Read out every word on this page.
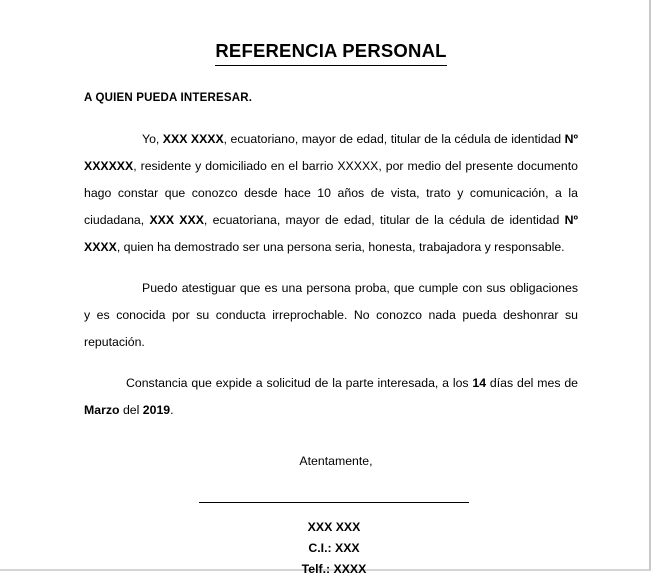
REFERENCIA PERSONAL
A QUIEN PUEDA INTERESAR.

Yo, XXX XXXX, ecuatoriano, mayor de edad, titular de la cédula de identidad Nº XXXXXX, residente y domiciliado en el barrio XXXXX, por medio del presente documento hago constar que conozco desde hace 10 años de vista, trato y comunicación, a la ciudadana, XXX XXX, ecuatoriana, mayor de edad, titular de la cédula de identidad Nº XXXX, quien ha demostrado ser una persona seria, honesta, trabajadora y responsable.

Puedo atestiguar que es una persona proba, que cumple con sus obligaciones y es conocida por su conducta irreprochable. No conozco nada pueda deshonrar su reputación.

Constancia que expide a solicitud de la parte interesada, a los 14 días del mes de Marzo del 2019.

Atentamente,
XXX XXX
C.I.: XXX
Telf.: XXXX
